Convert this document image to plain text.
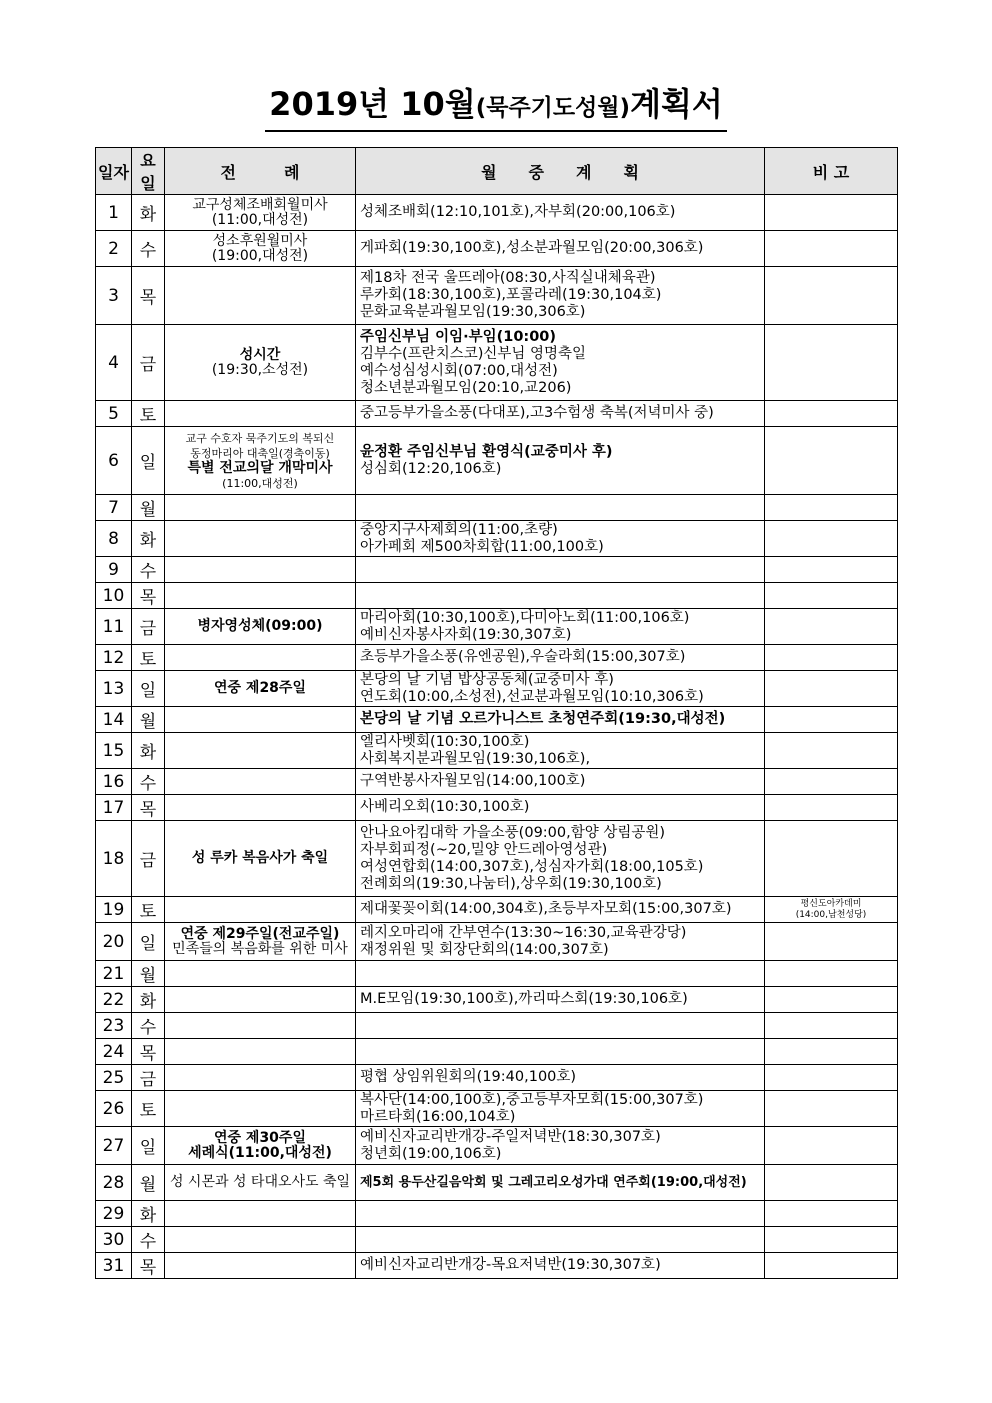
2019년 10월(묵주기도성월)계획서
일자	요일	전　　　례	월　　중　　계　　획	비 고
1	화	교구성체조배회월미사
(11:00,대성전)	성체조배회(12:10,101호),자부회(20:00,106호)	

2	수	성소후원월미사
(19:00,대성전)	게파회(19:30,100호),성소분과월모임(20:00,306호)	

3	목		제18차 전국 울뜨레아(08:30,사직실내체육관)
루카회(18:30,100호),포콜라레(19:30,104호)
문화교육분과월모임(19:30,306호)	

4	금	성시간
(19:30,소성전)	주임신부님 이임·부임(10:00)
김부수(프란치스코)신부님 영명축일
예수성심성시회(07:00,대성전)
청소년분과월모임(20:10,교206)	

5	토		중고등부가을소풍(다대포),고3수험생 축복(저녁미사 중)	

6	일	교구 수호자 묵주기도의 복되신
동정마리아 대축일(경축이동)
특별 전교의달 개막미사
(11:00,대성전)	윤정환 주임신부님 환영식(교중미사 후)
성심회(12:20,106호)	

7	월			
8	화		중앙지구사제회의(11:00,초량)
아가페회 제500차회합(11:00,100호)	

9	수			
10	목			
11	금	병자영성체(09:00)	마리아회(10:30,100호),다미아노회(11:00,106호)
예비신자봉사자회(19:30,307호)	

12	토		초등부가을소풍(유엔공원),우술라회(15:00,307호)	

13	일	연중 제28주일	본당의 날 기념 밥상공동체(교중미사 후)
연도회(10:00,소성전),선교분과월모임(10:10,306호)	

14	월		본당의 날 기념 오르가니스트 초청연주회(19:30,대성전)	

15	화		엘리사벳회(10:30,100호)
사회복지분과월모임(19:30,106호),	

16	수		구역반봉사자월모임(14:00,100호)	

17	목		사베리오회(10:30,100호)	

18	금	성 루카 복음사가 축일	안나요아킴대학 가을소풍(09:00,함양 상림공원)
자부회피정(~20,밀양 안드레아영성관)
여성연합회(14:00,307호),성심자가회(18:00,105호)
전례회의(19:30,나눔터),상우회(19:30,100호)	

19	토		제대꽃꽂이회(14:00,304호),초등부자모회(15:00,307호)	평신도아카데미
(14:00,남천성당)

20	일	연중 제29주일(전교주일)
민족들의 복음화를 위한 미사	레지오마리애 간부연수(13:30~16:30,교육관강당)
재정위원 및 회장단회의(14:00,307호)	

21	월			
22	화		M.E모임(19:30,100호),까리따스회(19:30,106호)	

23	수			
24	목			
25	금		평협 상임위원회의(19:40,100호)	

26	토		복사단(14:00,100호),중고등부자모회(15:00,307호)
마르타회(16:00,104호)	

27	일	연중 제30주일
세례식(11:00,대성전)	예비신자교리반개강-주일저녁반(18:30,307호)
청년회(19:00,106호)	

28	월	성 시몬과 성 타대오사도 축일	제5회 용두산길음악회 및 그레고리오성가대 연주회(19:00,대성전)	

29	화			
30	수			
31	목		예비신자교리반개강-목요저녁반(19:30,307호)	
